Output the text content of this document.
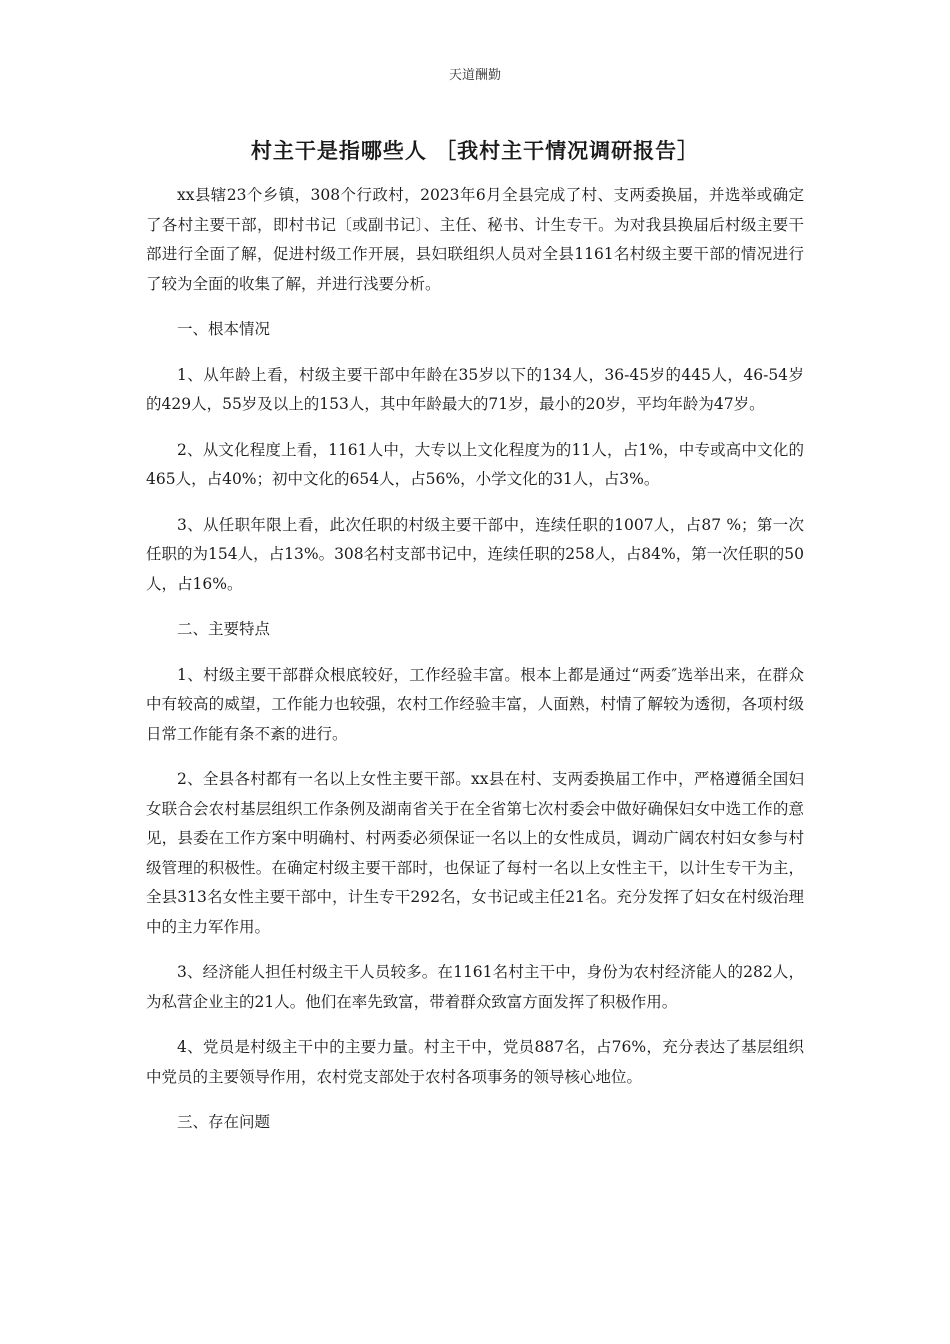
天道酬勤
村主干是指哪些人 ［我村主干情况调研报告］

xx县辖23个乡镇，308个行政村，2023年6月全县完成了村、支两委换届，并选举或确定了各村主要干部，即村书记〔或副书记〕、主任、秘书、计生专干。为对我县换届后村级主要干部进行全面了解，促进村级工作开展，县妇联组织人员对全县1161名村级主要干部的情况进行了较为全面的收集了解，并进行浅要分析。

一、根本情况

1、从年龄上看，村级主要干部中年龄在35岁以下的134人，36-45岁的445人，46-54岁的429人，55岁及以上的153人，其中年龄最大的71岁，最小的20岁，平均年龄为47岁。

2、从文化程度上看，1161人中，大专以上文化程度为的11人，占1%，中专或高中文化的465人，占40%；初中文化的654人，占56%，小学文化的31人，占3%。

3、从任职年限上看，此次任职的村级主要干部中，连续任职的1007人，占87 %；第一次任职的为154人，占13%。308名村支部书记中，连续任职的258人，占84%，第一次任职的50人，占16%。

二、主要特点

1、村级主要干部群众根底较好，工作经验丰富。根本上都是通过“两委″选举出来，在群众中有较高的威望，工作能力也较强，农村工作经验丰富，人面熟，村情了解较为透彻，各项村级日常工作能有条不紊的进行。

2、全县各村都有一名以上女性主要干部。xx县在村、支两委换届工作中，严格遵循全国妇女联合会农村基层组织工作条例及湖南省关于在全省第七次村委会中做好确保妇女中选工作的意见，县委在工作方案中明确村、村两委必须保证一名以上的女性成员，调动广阔农村妇女参与村级管理的积极性。在确定村级主要干部时，也保证了每村一名以上女性主干，以计生专干为主，全县313名女性主要干部中，计生专干292名，女书记或主任21名。充分发挥了妇女在村级治理中的主力军作用。

3、经济能人担任村级主干人员较多。在1161名村主干中，身份为农村经济能人的282人，为私营企业主的21人。他们在率先致富，带着群众致富方面发挥了积极作用。

4、党员是村级主干中的主要力量。村主干中，党员887名，占76%，充分表达了基层组织中党员的主要领导作用，农村党支部处于农村各项事务的领导核心地位。

三、存在问题
